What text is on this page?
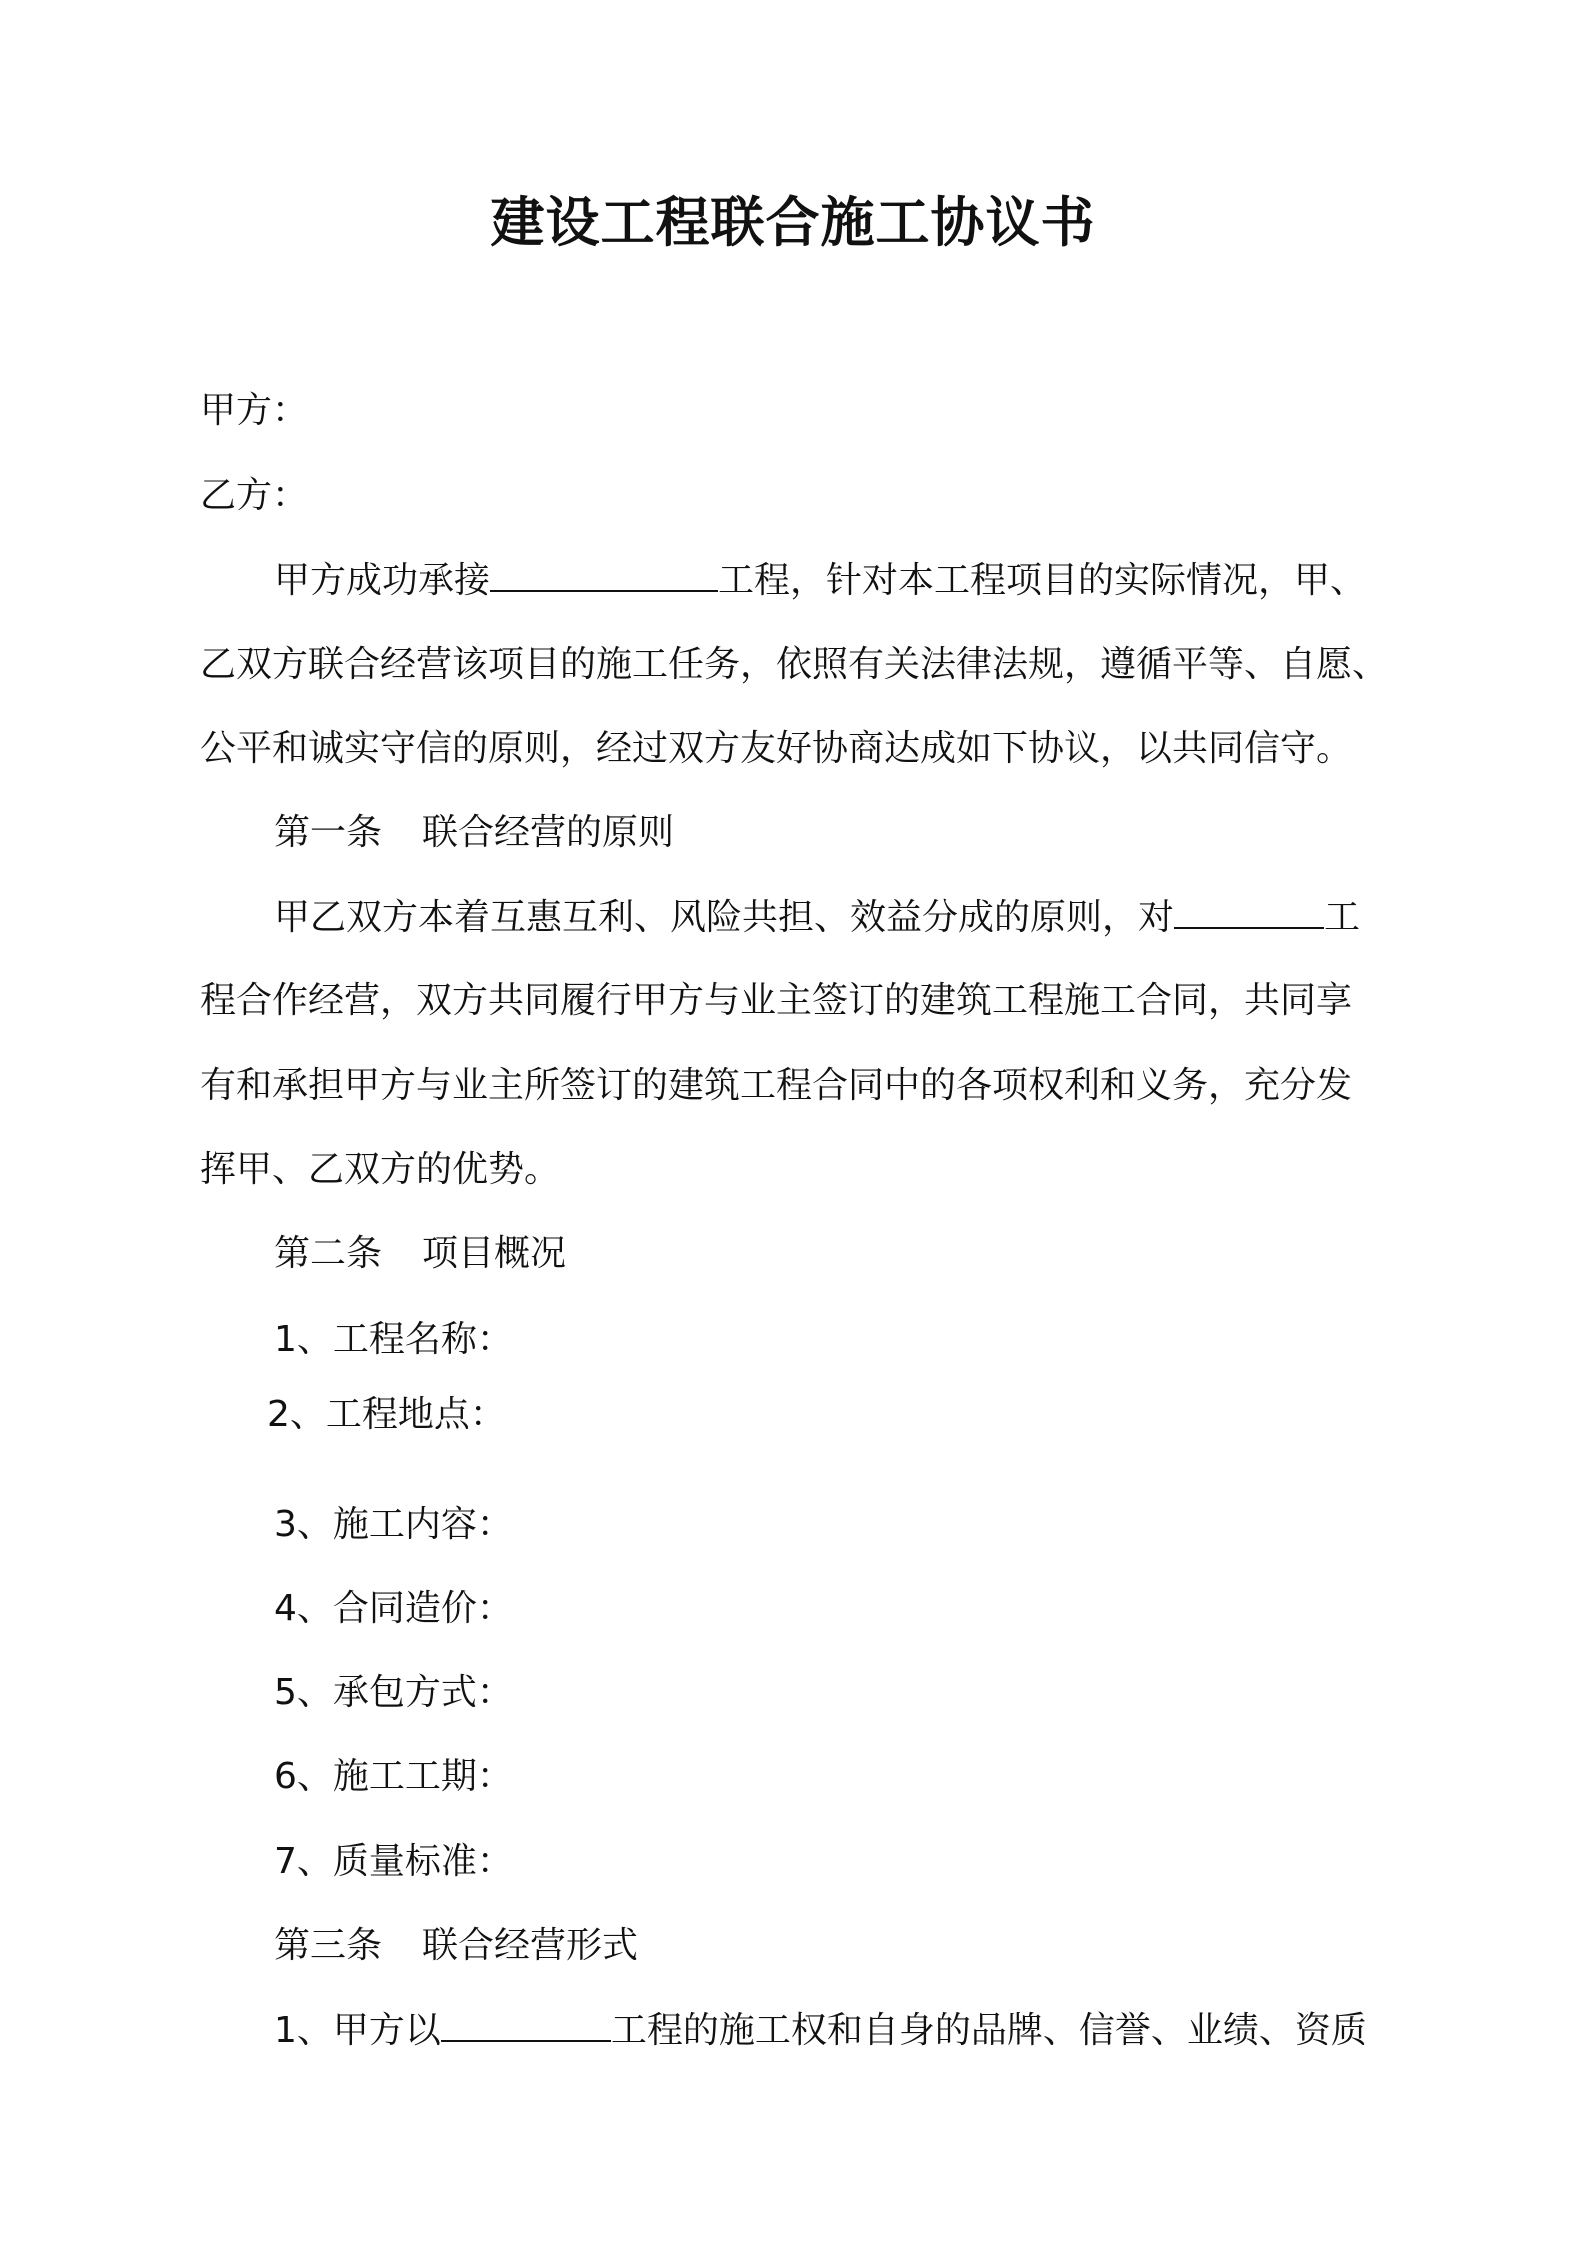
建设工程联合施工协议书

甲方：

乙方：

甲方成功承接	工程，针对本工程项目的实际情况，甲、

乙双方联合经营该项目的施工任务，依照有关法律法规，遵循平等、自愿、

公平和诚实守信的原则，经过双方友好协商达成如下协议，以共同信守。

第一条 联合经营的原则

甲乙双方本着互惠互利、风险共担、效益分成的原则，对	工

程合作经营，双方共同履行甲方与业主签订的建筑工程施工合同，共同享

有和承担甲方与业主所签订的建筑工程合同中的各项权利和义务，充分发

挥甲、乙双方的优势。

第二条 项目概况

1、工程名称：

2、工程地点：

3、施工内容：

4、合同造价：

5、承包方式：

6、施工工期：

7、质量标准：

第三条 联合经营形式

1、甲方以	工程的施工权和自身的品牌、信誉、业绩、资质
